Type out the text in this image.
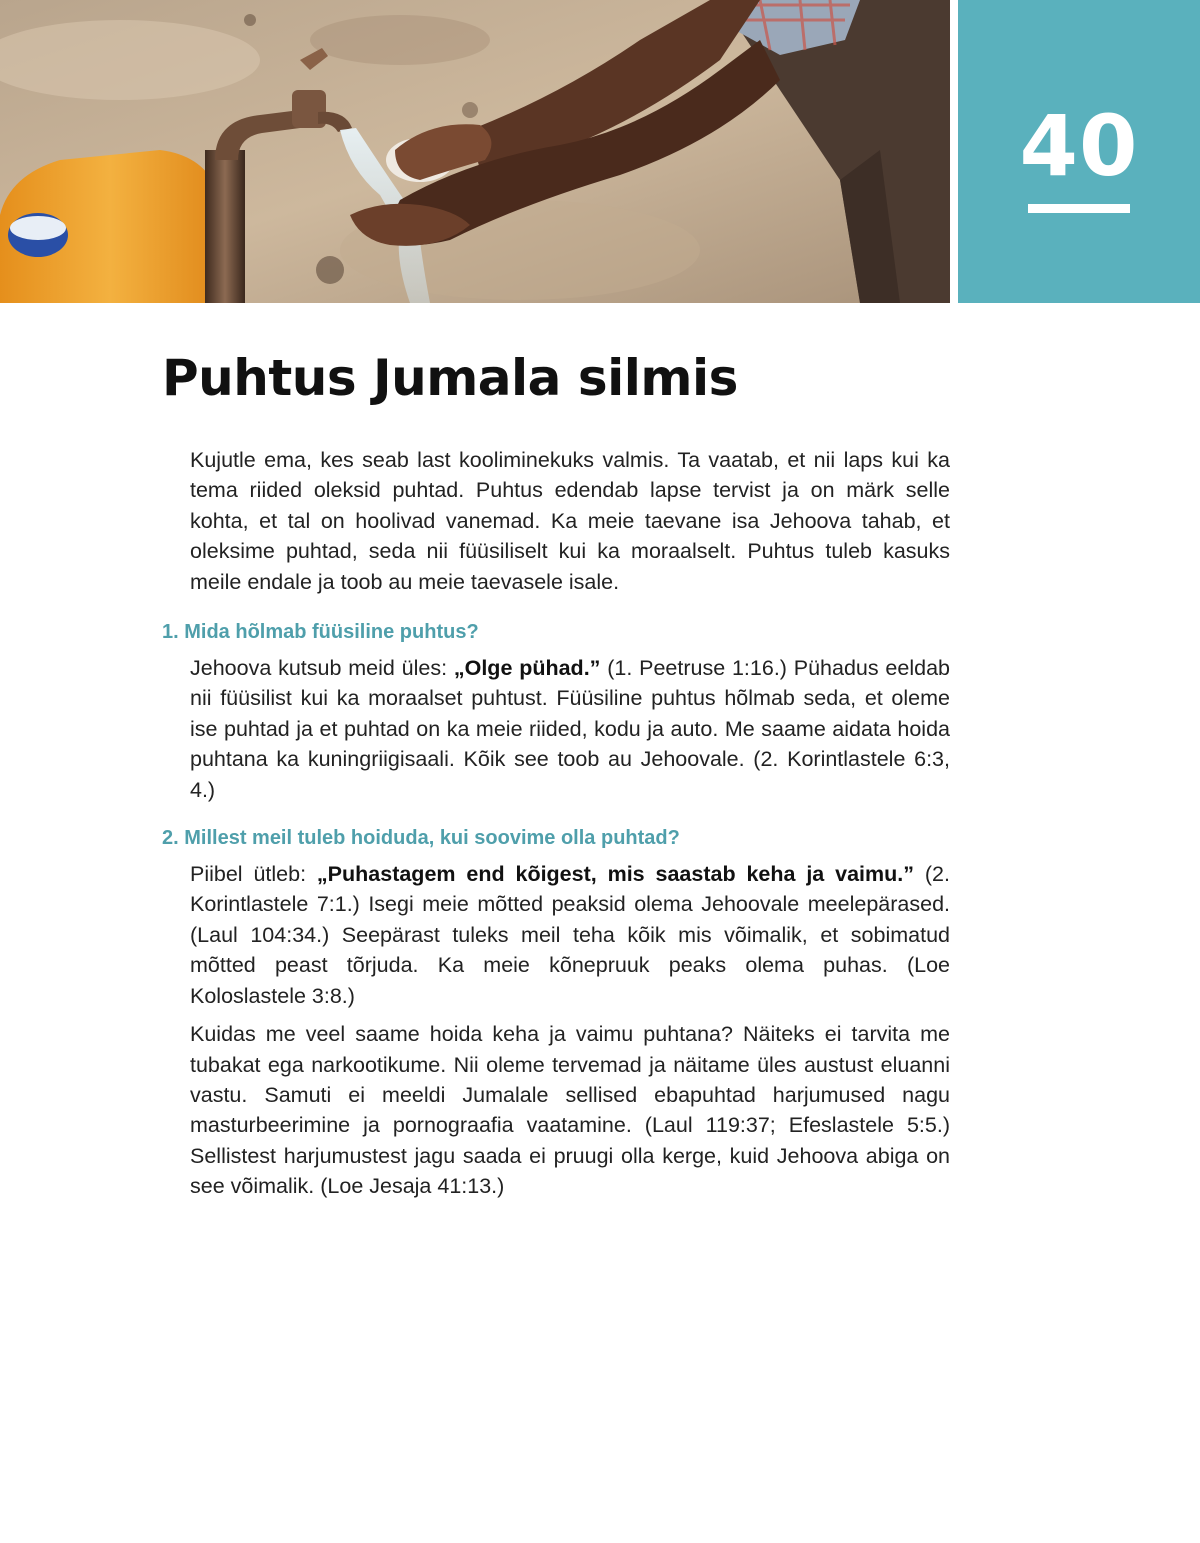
40
Puhtus Jumala silmis

Kujutle ema, kes seab last kooliminekuks valmis. Ta vaatab, et nii laps kui ka tema riided oleksid puhtad. Puhtus edendab lapse tervist ja on märk selle kohta, et tal on hoolivad vanemad. Ka meie taevane isa Jehoova tahab, et oleksime puhtad, seda nii füüsiliselt kui ka moraalselt. Puhtus tuleb kasuks meile endale ja toob au meie taevasele isale.

1. Mida hõlmab füüsiline puhtus?

Jehoova kutsub meid üles: „Olge pühad.” (1. Peetruse 1:16.) Pühadus eeldab nii füüsilist kui ka moraalset puhtust. Füüsiline puhtus hõlmab seda, et oleme ise puhtad ja et puhtad on ka meie riided, kodu ja auto. Me saame aidata hoida puhtana ka kuningriigisaali. Kõik see toob au Jehoovale. (2. Korintlastele 6:3, 4.)

2. Millest meil tuleb hoiduda, kui soovime olla puhtad?

Piibel ütleb: „Puhastagem end kõigest, mis saastab keha ja vaimu.” (2. Korintlastele 7:1.) Isegi meie mõtted peaksid olema Jehoovale meelepärased. (Laul 104:34.) Seepärast tuleks meil teha kõik mis võimalik, et sobimatud mõtted peast tõrjuda. Ka meie kõnepruuk peaks olema puhas. (Loe Koloslastele 3:8.)

Kuidas me veel saame hoida keha ja vaimu puhtana? Näiteks ei tarvita me tubakat ega narkootikume. Nii oleme tervemad ja näitame üles austust eluanni vastu. Samuti ei meeldi Jumalale sellised ebapuhtad harjumused nagu masturbeerimine ja pornograafia vaatamine. (Laul 119:37; Efeslastele 5:5.) Sellistest harjumustest jagu saada ei pruugi olla kerge, kuid Jehoova abiga on see võimalik. (Loe Jesaja 41:13.)
